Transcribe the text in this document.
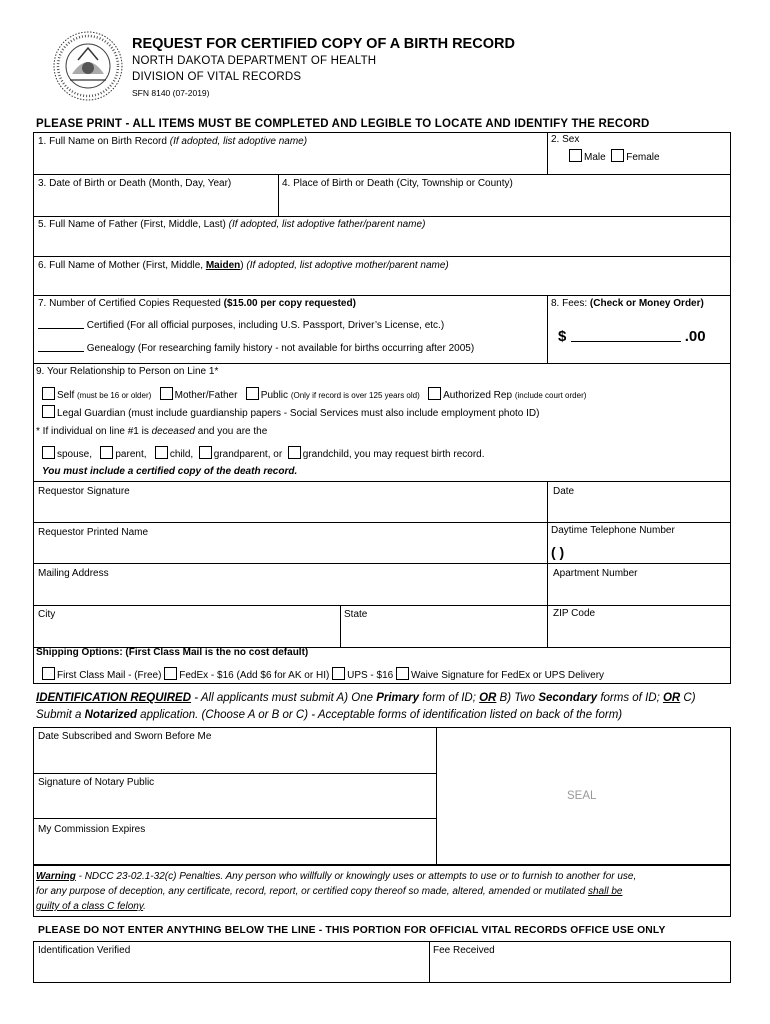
REQUEST FOR CERTIFIED COPY OF A BIRTH RECORD
NORTH DAKOTA DEPARTMENT OF HEALTH
DIVISION OF VITAL RECORDS
SFN 8140 (07-2019)
PLEASE PRINT - ALL ITEMS MUST BE COMPLETED AND LEGIBLE TO LOCATE AND IDENTIFY THE RECORD
1. Full Name on Birth Record (If adopted, list adoptive name)	2. Sex
Male Female
3. Date of Birth or Death (Month, Day, Year)	4. Place of Birth or Death (City, Township or County)
5. Full Name of Father (First, Middle, Last) (If adopted, list adoptive father/parent name)
6. Full Name of Mother (First, Middle, Maiden) (If adopted, list adoptive mother/parent name)
7. Number of Certified Copies Requested ($15.00 per copy requested)
Certified (For all official purposes, including U.S. Passport, Driver’s License, etc.)
Genealogy (For researching family history - not available for births occurring after 2005)
8. Fees: (Check or Money Order)
$	.00
9. Your Relationship to Person on Line 1*
Self (must be 16 or older) Mother/Father Public (Only if record is over 125 years old) Authorized Rep (include court order)
Legal Guardian (must include guardianship papers - Social Services must also include employment photo ID)
* If individual on line #1 is deceased and you are the
spouse, parent, child, grandparent, or grandchild, you may request birth record.
You must include a certified copy of the death record.
Requestor Signature	Date
Requestor Printed Name	Daytime Telephone Number
( )
Mailing Address	Apartment Number
City	State	ZIP Code
Shipping Options: (First Class Mail is the no cost default)
First Class Mail - (Free) FedEx - $16 (Add $6 for AK or HI) UPS - $16 Waive Signature for FedEx or UPS Delivery
IDENTIFICATION REQUIRED - All applicants must submit A) One Primary form of ID; OR B) Two Secondary forms of ID; OR C) Submit a Notarized application. (Choose A or B or C) - Acceptable forms of identification listed on back of the form)
Date Subscribed and Sworn Before Me
Signature of Notary Public
My Commission Expires
SEAL
Warning - NDCC 23-02.1-32(c) Penalties. Any person who willfully or knowingly uses or attempts to use or to furnish to another for use,
for any purpose of deception, any certificate, record, report, or certified copy thereof so made, altered, amended or mutilated shall be
guilty of a class C felony.
PLEASE DO NOT ENTER ANYTHING BELOW THE LINE - THIS PORTION FOR OFFICIAL VITAL RECORDS OFFICE USE ONLY
Identification Verified	Fee Received
